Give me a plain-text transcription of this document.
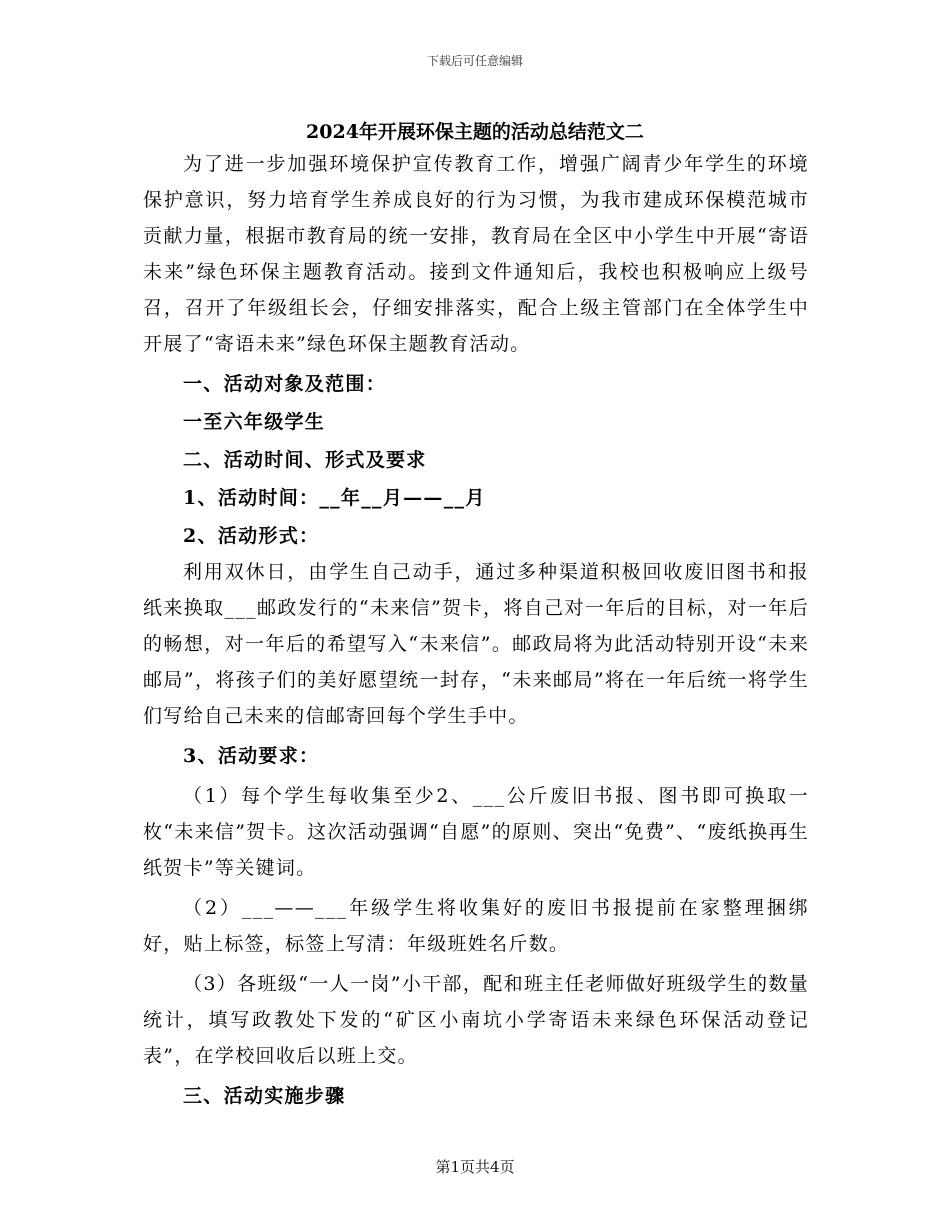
下载后可任意编辑
2024年开展环保主题的活动总结范文二

为了进一步加强环境保护宣传教育工作，增强广阔青少年学生的环境保护意识，努力培育学生养成良好的行为习惯，为我市建成环保模范城市贡献力量，根据市教育局的统一安排，教育局在全区中小学生中开展“寄语未来”绿色环保主题教育活动。接到文件通知后，我校也积极响应上级号召，召开了年级组长会，仔细安排落实，配合上级主管部门在全体学生中开展了“寄语未来”绿色环保主题教育活动。

一、活动对象及范围：

一至六年级学生

二、活动时间、形式及要求

1、活动时间：__年__月——__月

2、活动形式：

利用双休日，由学生自己动手，通过多种渠道积极回收废旧图书和报纸来换取___邮政发行的“未来信”贺卡，将自己对一年后的目标，对一年后的畅想，对一年后的希望写入“未来信”。邮政局将为此活动特别开设“未来邮局”，将孩子们的美好愿望统一封存，“未来邮局”将在一年后统一将学生们写给自己未来的信邮寄回每个学生手中。

3、活动要求：

（1）每个学生每收集至少2、___公斤废旧书报、图书即可换取一枚“未来信”贺卡。这次活动强调“自愿”的原则、突出“免费”、“废纸换再生纸贺卡”等关键词。

（2）___——___年级学生将收集好的废旧书报提前在家整理捆绑好，贴上标签，标签上写清：年级班姓名斤数。

（3）各班级“一人一岗”小干部，配和班主任老师做好班级学生的数量统计，填写政教处下发的“矿区小南坑小学寄语未来绿色环保活动登记表”，在学校回收后以班上交。

三、活动实施步骤

第1页共4页
